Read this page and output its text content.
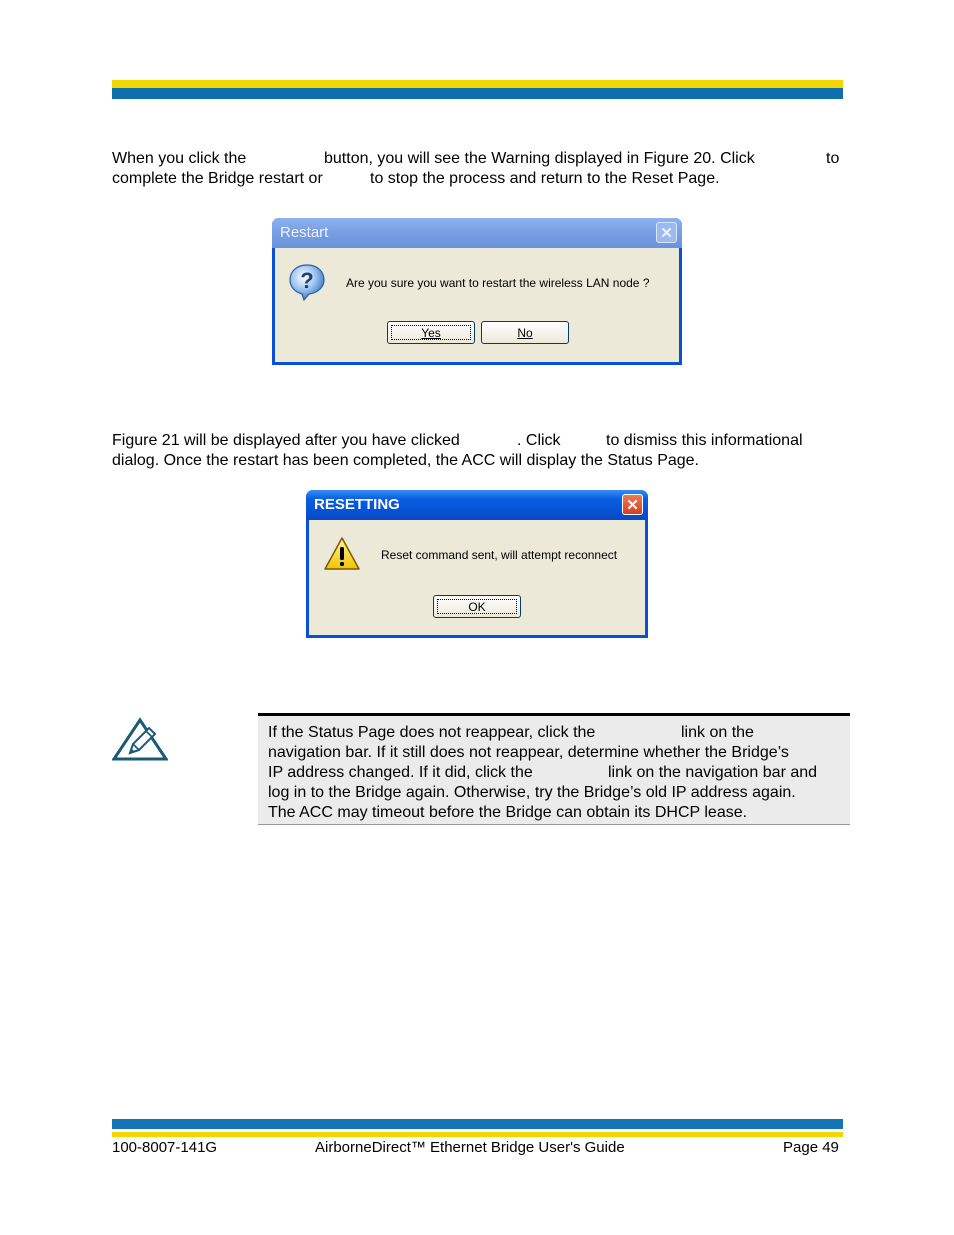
When you click the	button, you will see the Warning displayed in Figure 20. Click	to
complete the Bridge restart or	to stop the process and return to the Reset Page.
Restart	✕
?	Are you sure you want to restart the wireless LAN node ?
Yes	No
Figure 21 will be displayed after you have clicked	. Click	to dismiss this informational
dialog. Once the restart has been completed, the ACC will display the Status Page.
RESETTING	✕
Reset command sent, will attempt reconnect
OK
If the Status Page does not reappear, click the	link on the
navigation bar. If it still does not reappear, determine whether the Bridge’s
IP address changed. If it did, click the	link on the navigation bar and
log in to the Bridge again. Otherwise, try the Bridge’s old IP address again.
The ACC may timeout before the Bridge can obtain its DHCP lease.
100-8007-141G	AirborneDirect™ Ethernet Bridge User's Guide	Page 49
